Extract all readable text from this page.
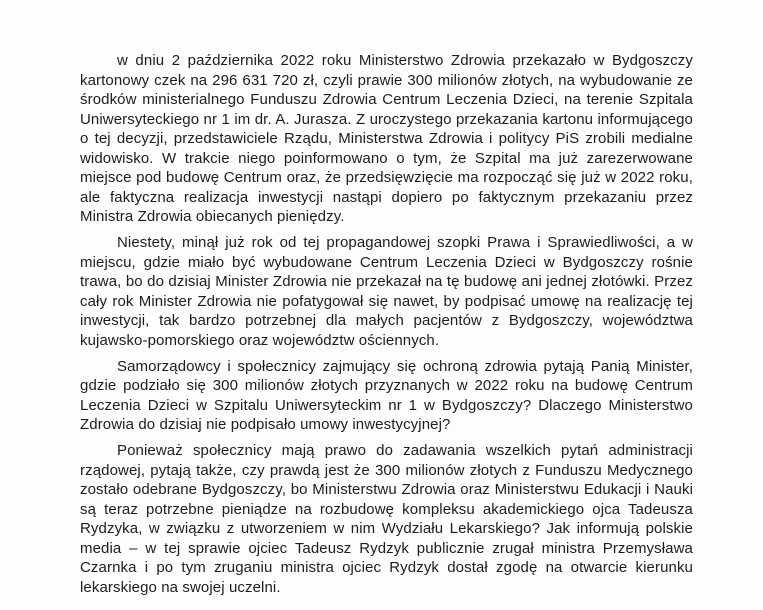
w dniu 2 października 2022 roku Ministerstwo Zdrowia przekazało w Bydgoszczy kartonowy czek na 296 631 720 zł, czyli prawie 300 milionów złotych, na wybudowanie ze środków ministerialnego Funduszu Zdrowia Centrum Leczenia Dzieci, na terenie Szpitala Uniwersyteckiego nr 1 im dr. A. Jurasza. Z uroczystego przekazania kartonu informującego o tej decyzji, przedstawiciele Rządu, Ministerstwa Zdrowia i politycy PiS zrobili medialne widowisko. W trakcie niego poinformowano o tym, że Szpital ma już zarezerwowane miejsce pod budowę Centrum oraz, że przedsięwzięcie ma rozpocząć się już w 2022 roku, ale faktyczna realizacja inwestycji nastąpi dopiero po faktycznym przekazaniu przez Ministra Zdrowia obiecanych pieniędzy.

Niestety, minął już rok od tej propagandowej szopki Prawa i Sprawiedliwości, a w miejscu, gdzie miało być wybudowane Centrum Leczenia Dzieci w Bydgoszczy rośnie trawa, bo do dzisiaj Minister Zdrowia nie przekazał na tę budowę ani jednej złotówki. Przez cały rok Minister Zdrowia nie pofatygował się nawet, by podpisać umowę na realizację tej inwestycji, tak bardzo potrzebnej dla małych pacjentów z Bydgoszczy, województwa kujawsko-pomorskiego oraz województw ościennych.

Samorządowcy i społecznicy zajmujący się ochroną zdrowia pytają Panią Minister, gdzie podziało się 300 milionów złotych przyznanych w 2022 roku na budowę Centrum Leczenia Dzieci w Szpitalu Uniwersyteckim nr 1 w Bydgoszczy? Dlaczego Ministerstwo Zdrowia do dzisiaj nie podpisało umowy inwestycyjnej?

Ponieważ społecznicy mają prawo do zadawania wszelkich pytań administracji rządowej, pytają także, czy prawdą jest że 300 milionów złotych z Funduszu Medycznego zostało odebrane Bydgoszczy, bo Ministerstwu Zdrowia oraz Ministerstwu Edukacji i Nauki są teraz potrzebne pieniądze na rozbudowę kompleksu akademickiego ojca Tadeusza Rydzyka, w związku z utworzeniem w nim Wydziału Lekarskiego? Jak informują polskie media – w tej sprawie ojciec Tadeusz Rydzyk publicznie zrugał ministra Przemysława Czarnka i po tym zruganiu ministra ojciec Rydzyk dostał zgodę na otwarcie kierunku lekarskiego na swojej uczelni.
